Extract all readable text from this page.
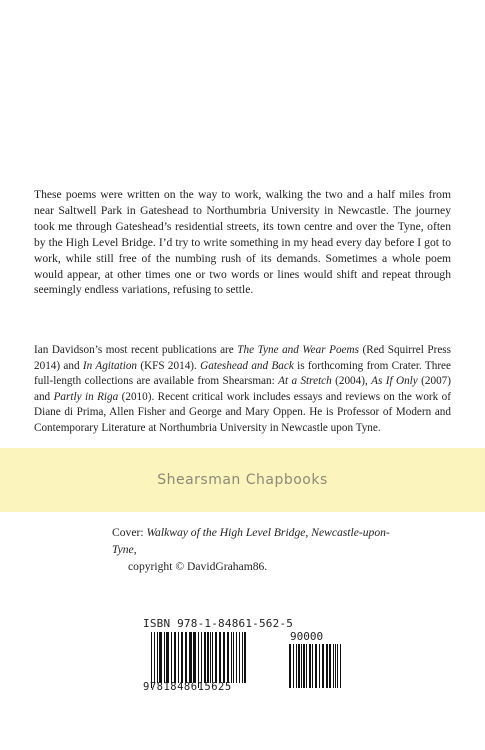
These poems were written on the way to work, walking the two and a half miles from near Saltwell Park in Gateshead to Northumbria University in Newcastle. The journey took me through Gateshead’s residential streets, its town centre and over the Tyne, often by the High Level Bridge. I’d try to write something in my head every day before I got to work, while still free of the numbing rush of its demands. Sometimes a whole poem would appear, at other times one or two words or lines would shift and repeat through seemingly endless variations, refusing to settle.

Ian Davidson’s most recent publications are The Tyne and Wear Poems (Red Squirrel Press 2014) and In Agitation (KFS 2014). Gateshead and Back is forthcoming from Crater. Three full-length collections are available from Shearsman: At a Stretch (2004), As If Only (2007) and Partly in Riga (2010). Recent critical work includes essays and reviews on the work of Diane di Prima, Allen Fisher and George and Mary Oppen. He is Professor of Modern and Contemporary Literature at Northumbria University in Newcastle upon Tyne.

Shearsman Chapbooks

Cover: Walkway of the High Level Bridge, Newcastle-upon-Tyne,
copyright © DavidGraham86.

ISBN 978-1-84861-562-5
90000
9781848615625
